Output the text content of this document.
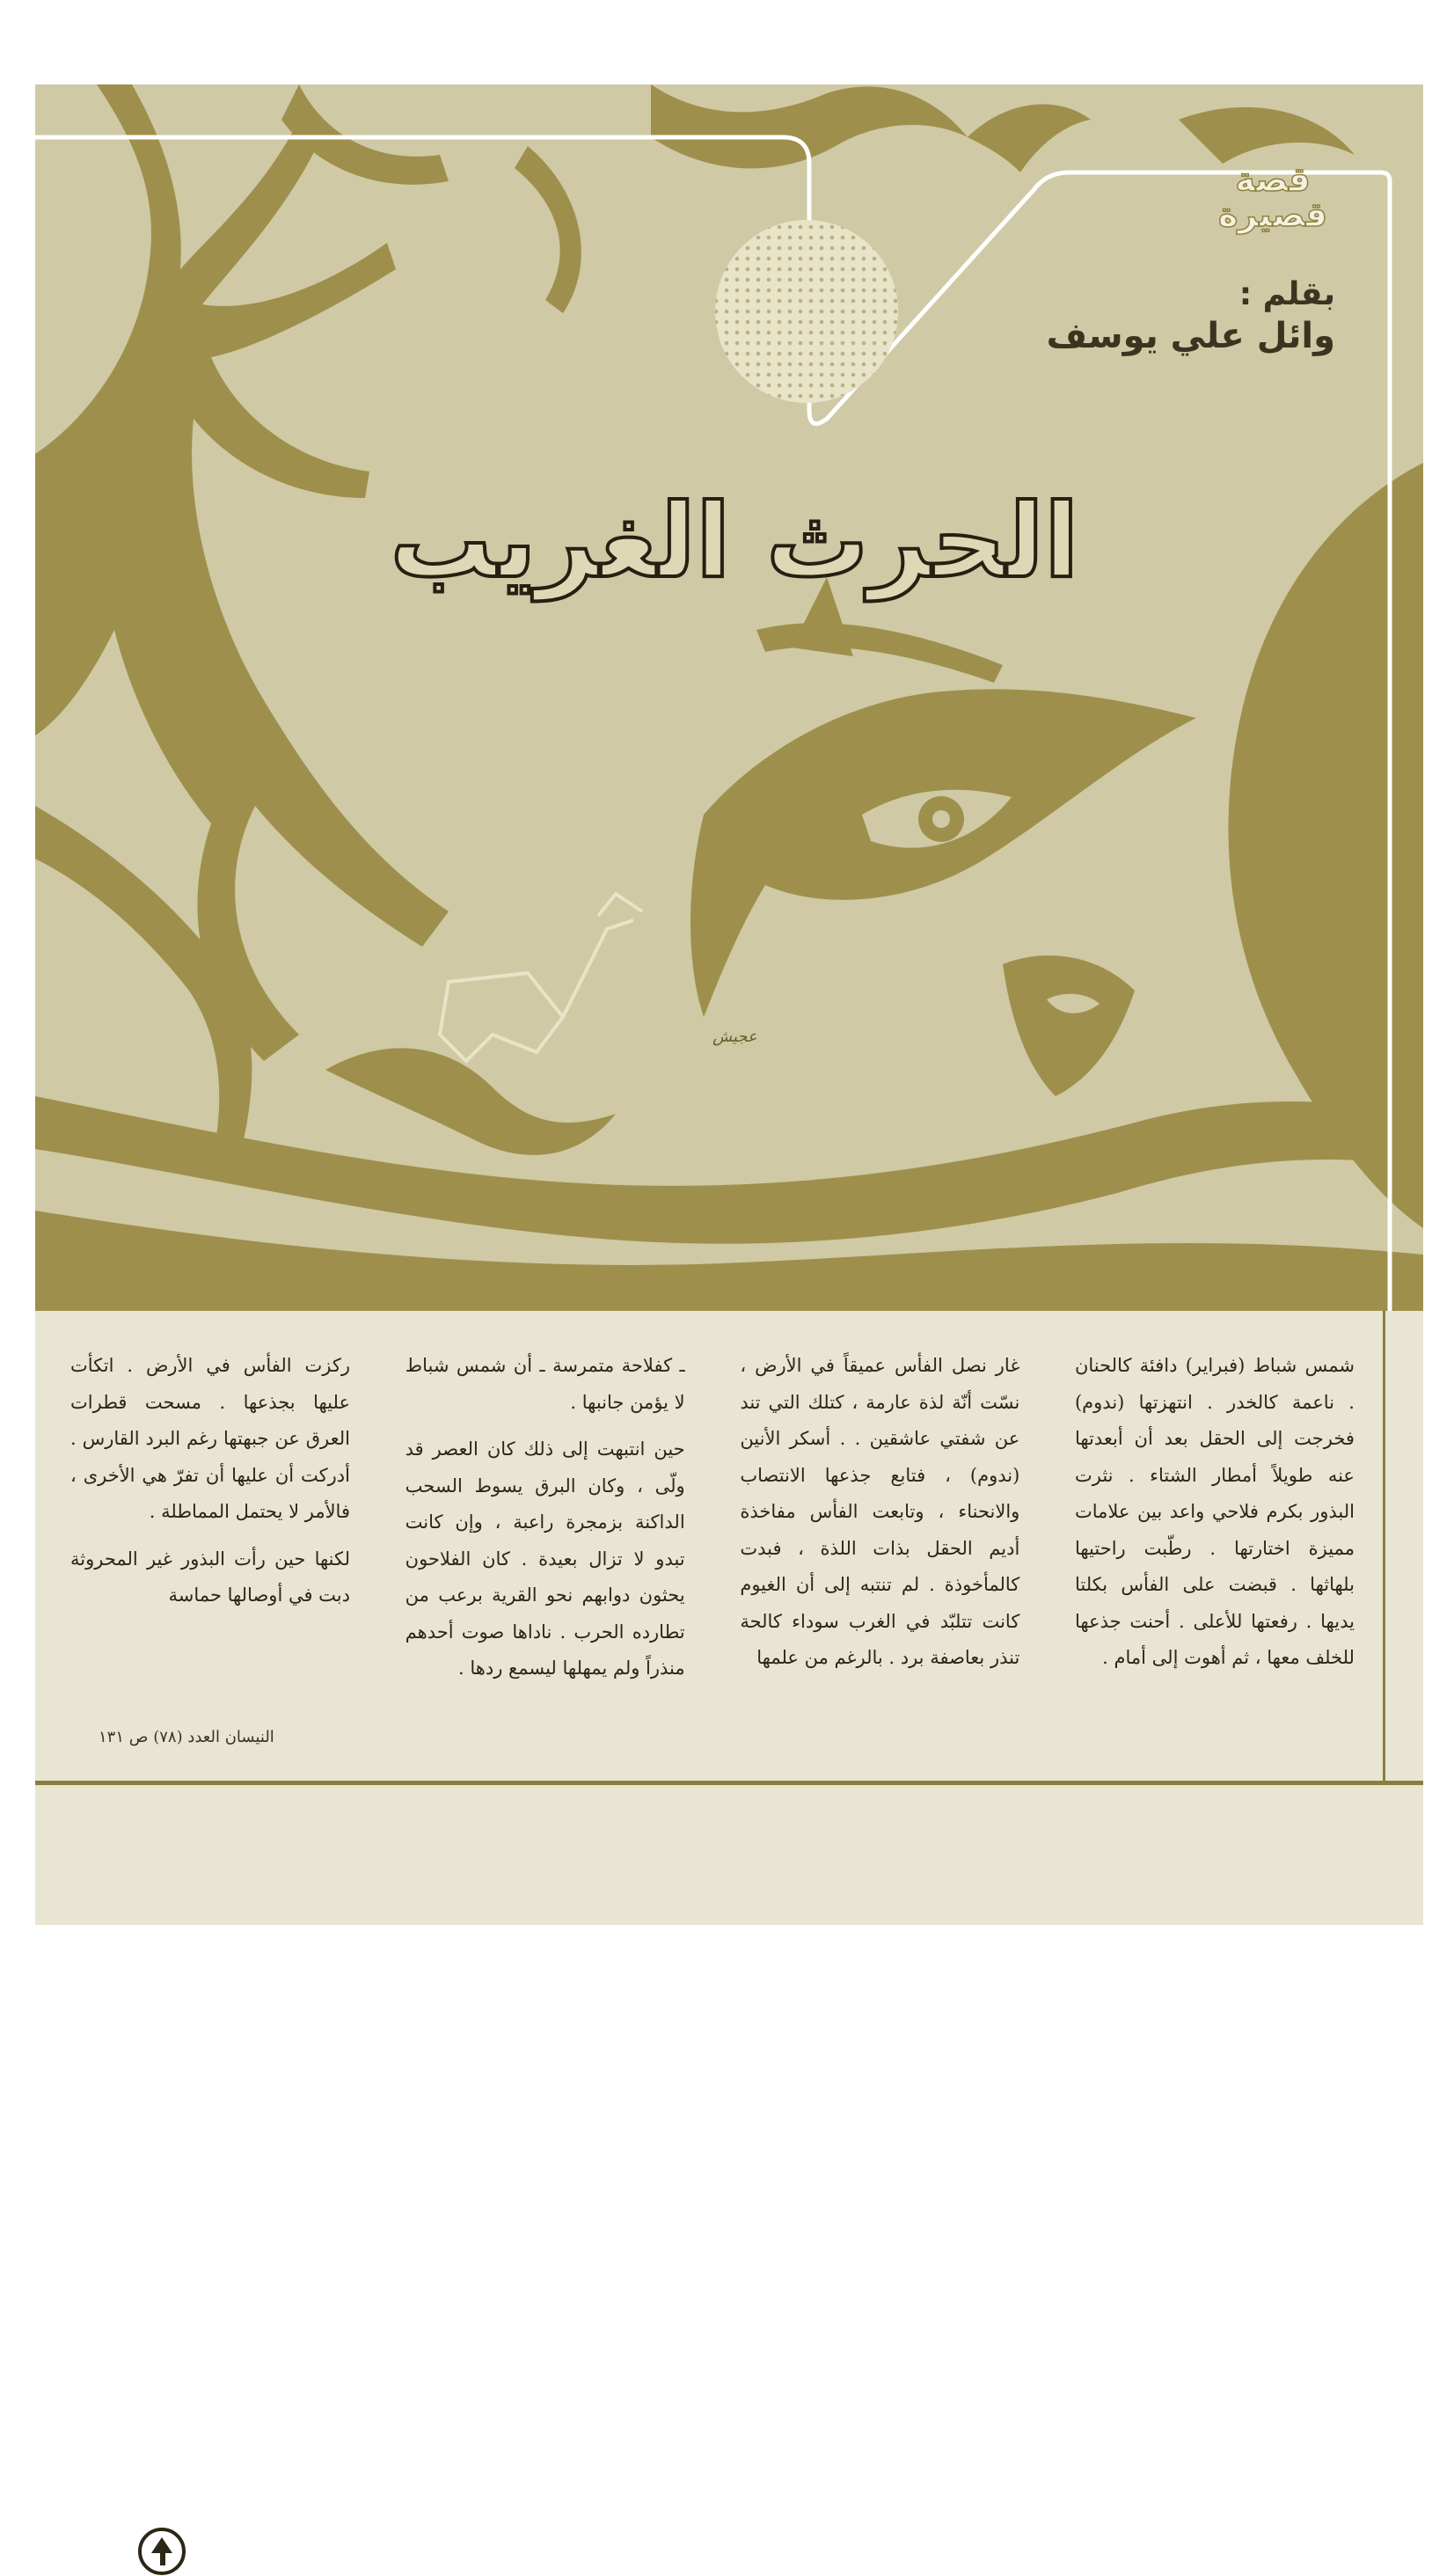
قصة
قصيرة
بقلم :
وائل علي يوسف
الحرث الغريب
عجيش

شمس شباط (فبراير) دافئة كالحنان . ناعمة كالخدر . انتهزتها (ندوم) فخرجت إلى الحقل بعد أن أبعدتها عنه طويلاً أمطار الشتاء . نثرت البذور بكرم فلاحي واعد بين علامات مميزة اختارتها . رطّبت راحتيها بلهاثها . قبضت على الفأس بكلتا يديها . رفعتها للأعلى . أحنت جذعها للخلف معها ، ثم أهوت إلى أمام .

غار نصل الفأس عميقاً في الأرض ، نسّت أنّة لذة عارمة ، كتلك التي تند عن شفتي عاشقين . . أسكر الأنين (ندوم) ، فتابع جذعها الانتصاب والانحناء ، وتابعت الفأس مفاخذة أديم الحقل بذات اللذة ، فبدت كالمأخوذة . لم تنتبه إلى أن الغيوم كانت تتلبّد في الغرب سوداء كالحة تنذر بعاصفة برد . بالرغم من علمها

ـ كفلاحة متمرسة ـ أن شمس شباط لا يؤمن جانبها .

حين انتبهت إلى ذلك كان العصر قد ولّى ، وكان البرق يسوط السحب الداكنة بزمجرة راعبة ، وإن كانت تبدو لا تزال بعيدة . كان الفلاحون يحثون دوابهم نحو القرية برعب من تطارده الحرب . ناداها صوت أحدهم منذراً ولم يمهلها ليسمع ردها .

ركزت الفأس في الأرض . اتكأت عليها بجذعها . مسحت قطرات العرق عن جبهتها رغم البرد القارس . أدركت أن عليها أن تفرّ هي الأخرى ، فالأمر لا يحتمل المماطلة .

لكنها حين رأت البذور غير المحروثة دبت في أوصالها حماسة

النيسان العدد (٧٨) ص ١٣١
